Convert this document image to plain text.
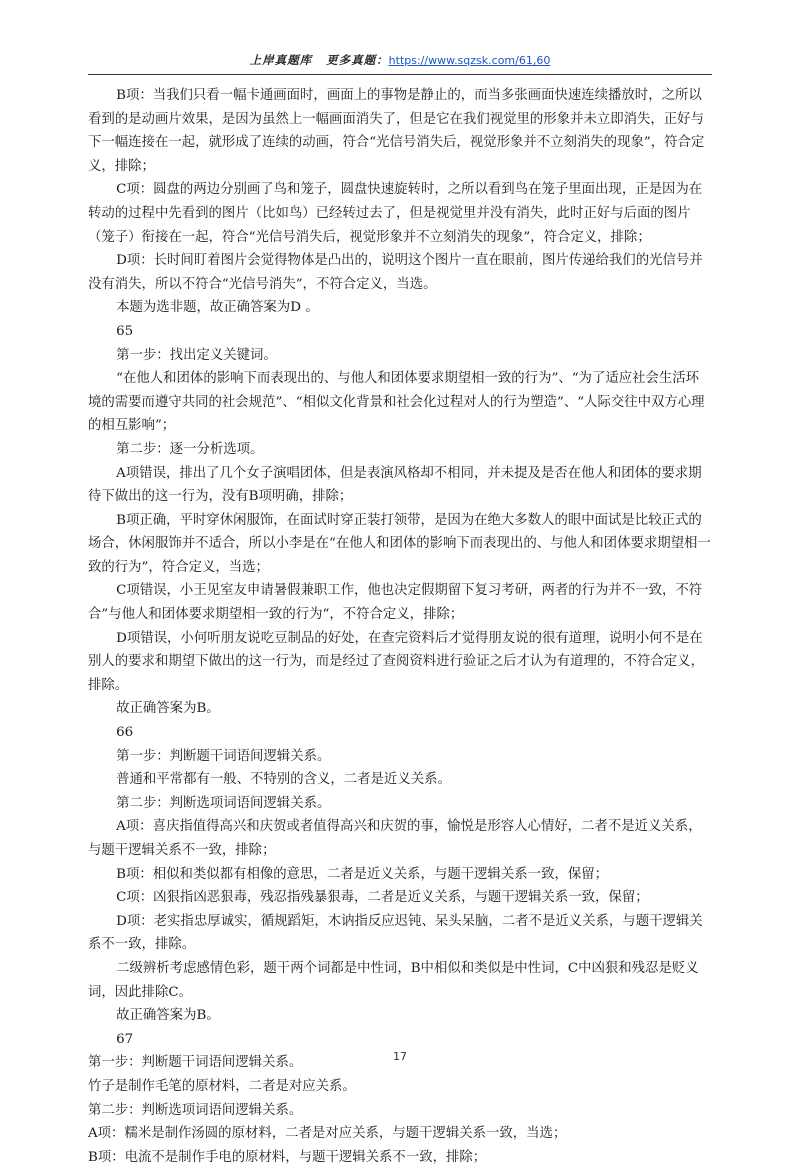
上岸真题库 更多真题：https://www.sqzsk.com/61,60

B项：当我们只看一幅卡通画面时，画面上的事物是静止的，而当多张画面快速连续播放时，之所以看到的是动画片效果，是因为虽然上一幅画面消失了，但是它在我们视觉里的形象并未立即消失，正好与下一幅连接在一起，就形成了连续的动画，符合“光信号消失后，视觉形象并不立刻消失的现象”，符合定义，排除；

C项：圆盘的两边分别画了鸟和笼子，圆盘快速旋转时，之所以看到鸟在笼子里面出现，正是因为在转动的过程中先看到的图片（比如鸟）已经转过去了，但是视觉里并没有消失，此时正好与后面的图片（笼子）衔接在一起，符合“光信号消失后，视觉形象并不立刻消失的现象”，符合定义，排除；

D项：长时间盯着图片会觉得物体是凸出的，说明这个图片一直在眼前，图片传递给我们的光信号并没有消失，所以不符合“光信号消失”，不符合定义，当选。

本题为选非题，故正确答案为D 。

65

第一步：找出定义关键词。

“在他人和团体的影响下而表现出的、与他人和团体要求期望相一致的行为”、“为了适应社会生活环境的需要而遵守共同的社会规范”、“相似文化背景和社会化过程对人的行为塑造”、“人际交往中双方心理的相互影响”；

第二步：逐一分析选项。

A项错误，排出了几个女子演唱团体，但是表演风格却不相同，并未提及是否在他人和团体的要求期待下做出的这一行为，没有B项明确，排除；

B项正确，平时穿休闲服饰，在面试时穿正装打领带，是因为在绝大多数人的眼中面试是比较正式的场合，休闲服饰并不适合，所以小李是在“在他人和团体的影响下而表现出的、与他人和团体要求期望相一致的行为”，符合定义，当选；

C项错误，小王见室友申请暑假兼职工作，他也决定假期留下复习考研，两者的行为并不一致，不符合”与他人和团体要求期望相一致的行为“，不符合定义，排除；

D项错误，小何听朋友说吃豆制品的好处，在查完资料后才觉得朋友说的很有道理，说明小何不是在别人的要求和期望下做出的这一行为，而是经过了查阅资料进行验证之后才认为有道理的，不符合定义，排除。

故正确答案为B。

66

第一步：判断题干词语间逻辑关系。

普通和平常都有一般、不特别的含义，二者是近义关系。

第二步：判断选项词语间逻辑关系。

A项：喜庆指值得高兴和庆贺或者值得高兴和庆贺的事，愉悦是形容人心情好，二者不是近义关系，与题干逻辑关系不一致，排除；

B项：相似和类似都有相像的意思，二者是近义关系，与题干逻辑关系一致，保留；

C项：凶狠指凶恶狠毒，残忍指残暴狠毒，二者是近义关系，与题干逻辑关系一致，保留；

D项：老实指忠厚诚实，循规蹈矩，木讷指反应迟钝、呆头呆脑，二者不是近义关系，与题干逻辑关系不一致，排除。

二级辨析考虑感情色彩，题干两个词都是中性词，B中相似和类似是中性词，C中凶狠和残忍是贬义词，因此排除C。

故正确答案为B。

67

第一步：判断题干词语间逻辑关系。

竹子是制作毛笔的原材料，二者是对应关系。

第二步：判断选项词语间逻辑关系。

A项：糯米是制作汤圆的原材料，二者是对应关系，与题干逻辑关系一致，当选；

B项：电流不是制作手电的原材料，与题干逻辑关系不一致，排除；

17
